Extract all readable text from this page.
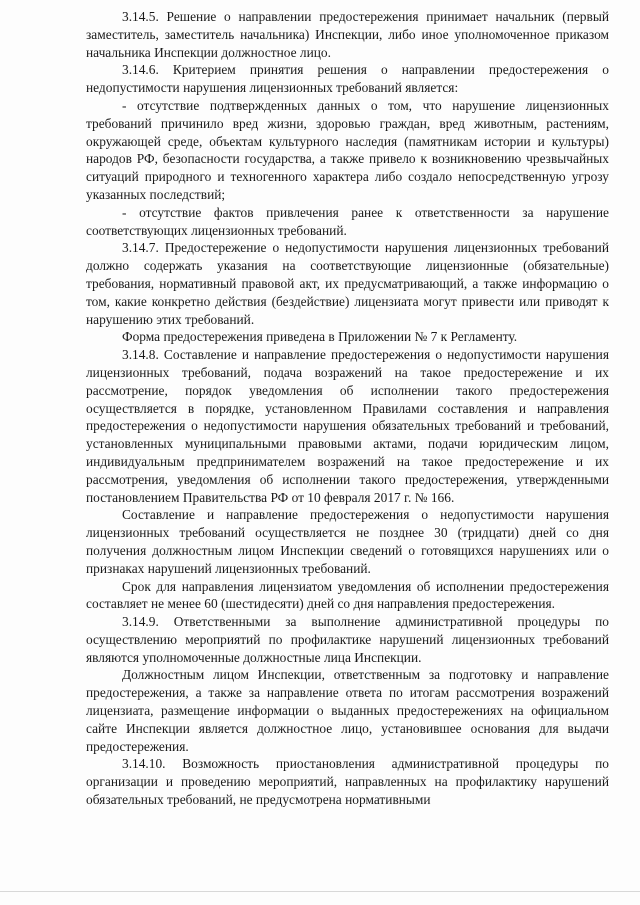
3.14.5. Решение о направлении предостережения принимает начальник (первый заместитель, заместитель начальника) Инспекции, либо иное уполномоченное приказом начальника Инспекции должностное лицо.

3.14.6. Критерием принятия решения о направлении предостережения о недопустимости нарушения лицензионных требований является:

- отсутствие подтвержденных данных о том, что нарушение лицензионных требований причинило вред жизни, здоровью граждан, вред животным, растениям, окружающей среде, объектам культурного наследия (памятникам истории и культуры) народов РФ, безопасности государства, а также привело к возникновению чрезвычайных ситуаций природного и техногенного характера либо создало непосредственную угрозу указанных последствий;

- отсутствие фактов привлечения ранее к ответственности за нарушение соответствующих лицензионных требований.

3.14.7. Предостережение о недопустимости нарушения лицензионных требований должно содержать указания на соответствующие лицензионные (обязательные) требования, нормативный правовой акт, их предусматривающий, а также информацию о том, какие конкретно действия (бездействие) лицензиата могут привести или приводят к нарушению этих требований.

Форма предостережения приведена в Приложении № 7 к Регламенту.

3.14.8. Составление и направление предостережения о недопустимости нарушения лицензионных требований, подача возражений на такое предостережение и их рассмотрение, порядок уведомления об исполнении такого предостережения осуществляется в порядке, установленном Правилами составления и направления предостережения о недопустимости нарушения обязательных требований и требований, установленных муниципальными правовыми актами, подачи юридическим лицом, индивидуальным предпринимателем возражений на такое предостережение и их рассмотрения, уведомления об исполнении такого предостережения, утвержденными постановлением Правительства РФ от 10 февраля 2017 г. № 166.

Составление и направление предостережения о недопустимости нарушения лицензионных требований осуществляется не позднее 30 (тридцати) дней со дня получения должностным лицом Инспекции сведений о готовящихся нарушениях или о признаках нарушений лицензионных требований.

Срок для направления лицензиатом уведомления об исполнении предостережения составляет не менее 60 (шестидесяти) дней со дня направления предостережения.

3.14.9. Ответственными за выполнение административной процедуры по осуществлению мероприятий по профилактике нарушений лицензионных требований являются уполномоченные должностные лица Инспекции.

Должностным лицом Инспекции, ответственным за подготовку и направление предостережения, а также за направление ответа по итогам рассмотрения возражений лицензиата, размещение информации о выданных предостережениях на официальном сайте Инспекции является должностное лицо, установившее основания для выдачи предостережения.

3.14.10. Возможность приостановления административной процедуры по организации и проведению мероприятий, направленных на профилактику нарушений обязательных требований, не предусмотрена нормативными
